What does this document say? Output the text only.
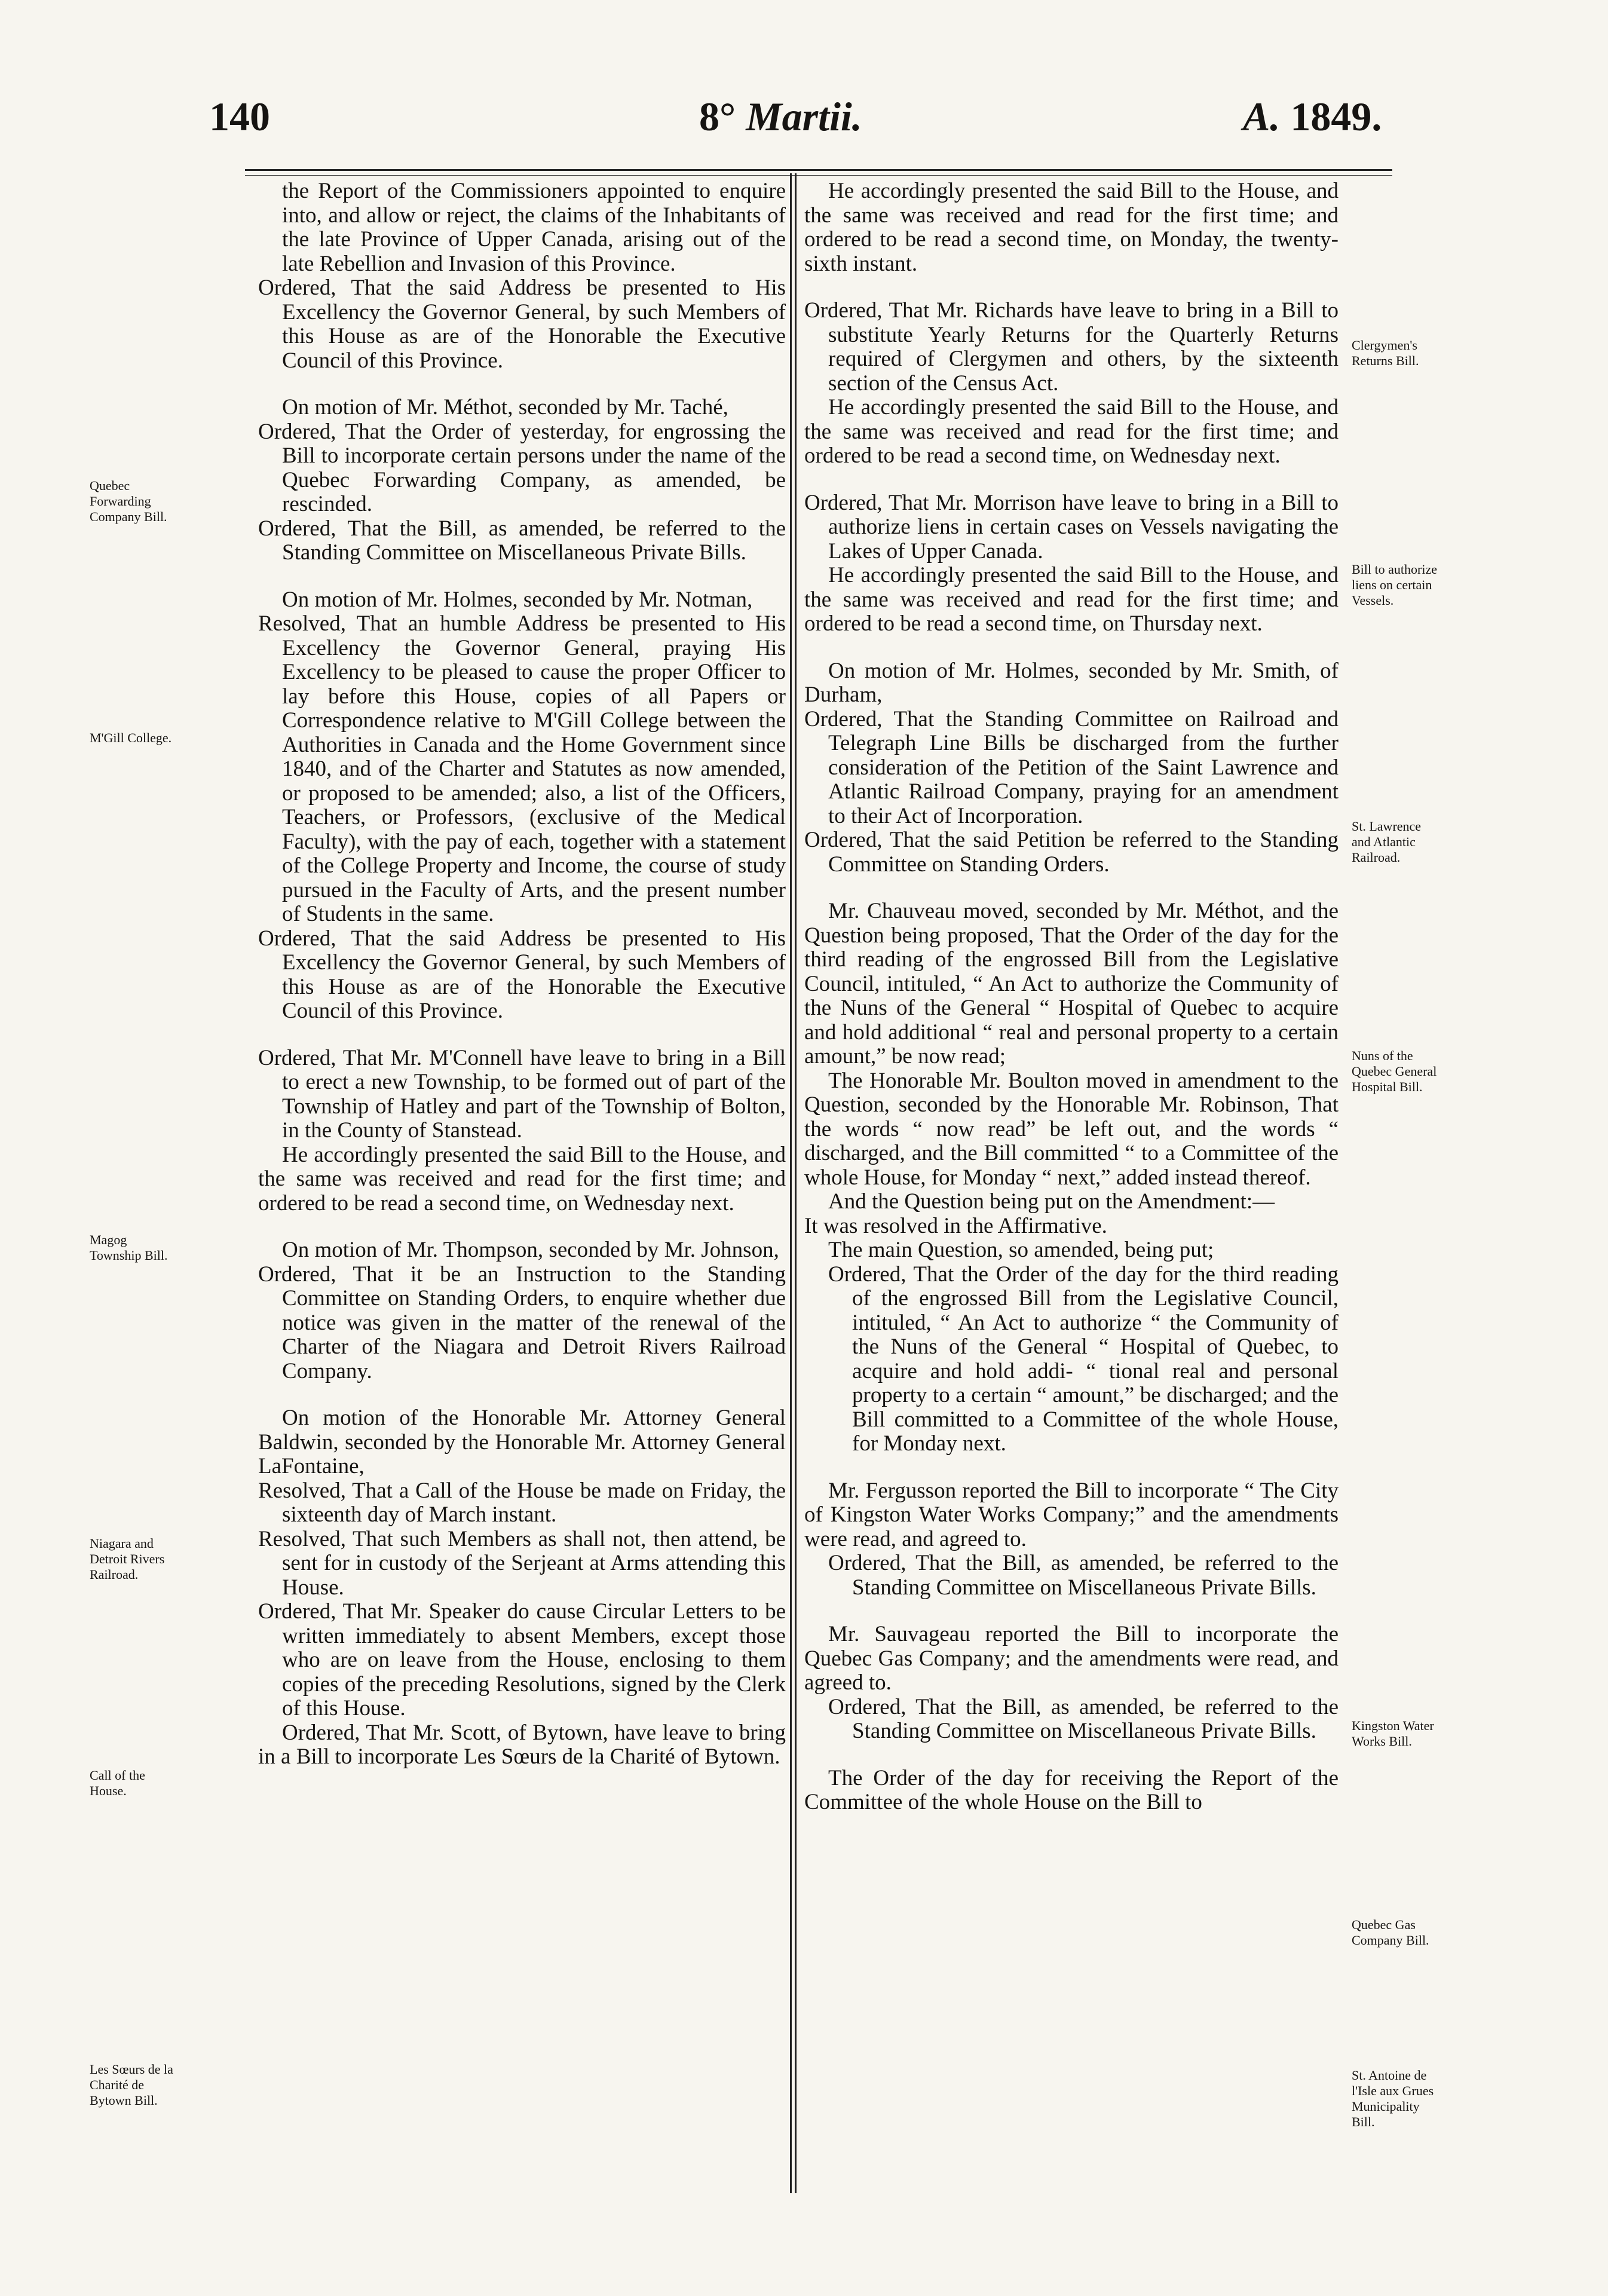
140	8° Martii.	A. 1849.

the Report of the Commissioners appointed to enquire into, and allow or reject, the claims of the Inhabitants of the late Province of Upper Canada, arising out of the late Rebellion and Invasion of this Province.

Ordered, That the said Address be presented to His Excellency the Governor General, by such Members of this House as are of the Honorable the Executive Council of this Province.

On motion of Mr. Méthot, seconded by Mr. Taché,

Ordered, That the Order of yesterday, for engrossing the Bill to incorporate certain persons under the name of the Quebec Forwarding Company, as amended, be rescinded.

Ordered, That the Bill, as amended, be referred to the Standing Committee on Miscellaneous Private Bills.

On motion of Mr. Holmes, seconded by Mr. Notman,

Resolved, That an humble Address be presented to His Excellency the Governor General, praying His Excellency to be pleased to cause the proper Officer to lay before this House, copies of all Papers or Correspondence relative to M'Gill College between the Authorities in Canada and the Home Government since 1840, and of the Charter and Statutes as now amended, or proposed to be amended; also, a list of the Officers, Teachers, or Professors, (exclusive of the Medical Faculty), with the pay of each, together with a statement of the College Property and Income, the course of study pursued in the Faculty of Arts, and the present number of Students in the same.

Ordered, That the said Address be presented to His Excellency the Governor General, by such Members of this House as are of the Honorable the Executive Council of this Province.

Ordered, That Mr. M'Connell have leave to bring in a Bill to erect a new Township, to be formed out of part of the Township of Hatley and part of the Township of Bolton, in the County of Stanstead.

He accordingly presented the said Bill to the House, and the same was received and read for the first time; and ordered to be read a second time, on Wednesday next.

On motion of Mr. Thompson, seconded by Mr. Johnson,

Ordered, That it be an Instruction to the Standing Committee on Standing Orders, to enquire whether due notice was given in the matter of the renewal of the Charter of the Niagara and Detroit Rivers Railroad Company.

On motion of the Honorable Mr. Attorney General Baldwin, seconded by the Honorable Mr. Attorney General LaFontaine,

Resolved, That a Call of the House be made on Friday, the sixteenth day of March instant.

Resolved, That such Members as shall not, then attend, be sent for in custody of the Serjeant at Arms attending this House.

Ordered, That Mr. Speaker do cause Circular Letters to be written immediately to absent Members, except those who are on leave from the House, enclosing to them copies of the preceding Resolutions, signed by the Clerk of this House.

Ordered, That Mr. Scott, of Bytown, have leave to bring in a Bill to incorporate Les Sœurs de la Charité of Bytown.

He accordingly presented the said Bill to the House, and the same was received and read for the first time; and ordered to be read a second time, on Monday, the twenty-sixth instant.

Ordered, That Mr. Richards have leave to bring in a Bill to substitute Yearly Returns for the Quarterly Returns required of Clergymen and others, by the sixteenth section of the Census Act.

He accordingly presented the said Bill to the House, and the same was received and read for the first time; and ordered to be read a second time, on Wednesday next.

Ordered, That Mr. Morrison have leave to bring in a Bill to authorize liens in certain cases on Vessels navigating the Lakes of Upper Canada.

He accordingly presented the said Bill to the House, and the same was received and read for the first time; and ordered to be read a second time, on Thursday next.

On motion of Mr. Holmes, seconded by Mr. Smith, of Durham,

Ordered, That the Standing Committee on Railroad and Telegraph Line Bills be discharged from the further consideration of the Petition of the Saint Lawrence and Atlantic Railroad Company, praying for an amendment to their Act of Incorporation.

Ordered, That the said Petition be referred to the Standing Committee on Standing Orders.

Mr. Chauveau moved, seconded by Mr. Méthot, and the Question being proposed, That the Order of the day for the third reading of the engrossed Bill from the Legislative Council, intituled, “ An Act to authorize the Community of the Nuns of the General “ Hospital of Quebec to acquire and hold additional “ real and personal property to a certain amount,” be now read;

The Honorable Mr. Boulton moved in amendment to the Question, seconded by the Honorable Mr. Robinson, That the words “ now read” be left out, and the words “ discharged, and the Bill committed “ to a Committee of the whole House, for Monday “ next,” added instead thereof.

And the Question being put on the Amendment:—

It was resolved in the Affirmative.

The main Question, so amended, being put;

Ordered, That the Order of the day for the third reading of the engrossed Bill from the Legislative Council, intituled, “ An Act to authorize “ the Community of the Nuns of the General “ Hospital of Quebec, to acquire and hold addi- “ tional real and personal property to a certain “ amount,” be discharged; and the Bill committed to a Committee of the whole House, for Monday next.

Mr. Fergusson reported the Bill to incorporate “ The City of Kingston Water Works Company;” and the amendments were read, and agreed to.

Ordered, That the Bill, as amended, be referred to the Standing Committee on Miscellaneous Private Bills.

Mr. Sauvageau reported the Bill to incorporate the Quebec Gas Company; and the amendments were read, and agreed to.

Ordered, That the Bill, as amended, be referred to the Standing Committee on Miscellaneous Private Bills.

The Order of the day for receiving the Report of the Committee of the whole House on the Bill to

Quebec Forwarding Company Bill.
M'Gill College.
Magog Township Bill.
Niagara and Detroit Rivers Railroad.
Call of the House.
Les Sœurs de la Charité de Bytown Bill.
Clergymen's Returns Bill.
Bill to authorize liens on certain Vessels.
St. Lawrence and Atlantic Railroad.
Nuns of the Quebec General Hospital Bill.
Kingston Water Works Bill.
Quebec Gas Company Bill.
St. Antoine de l'Isle aux Grues Municipality Bill.
